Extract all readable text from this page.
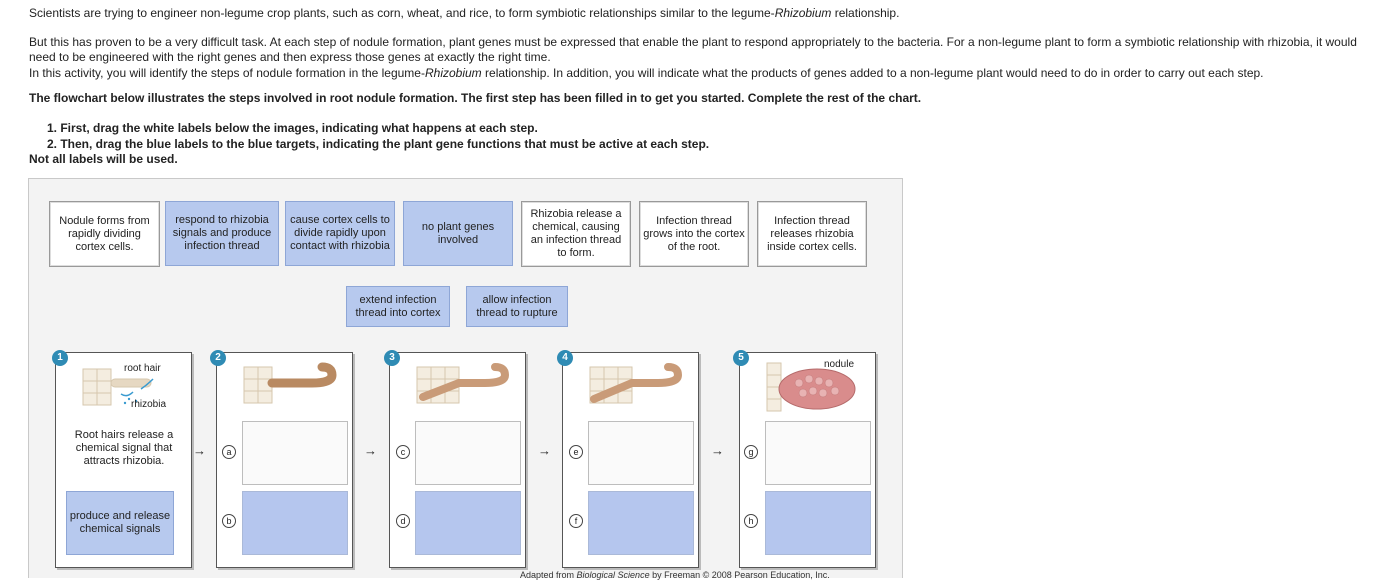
Scientists are trying to engineer non-legume crop plants, such as corn, wheat, and rice, to form symbiotic relationships similar to the legume-Rhizobium relationship.

But this has proven to be a very difficult task. At each step of nodule formation, plant genes must be expressed that enable the plant to respond appropriately to the bacteria. For a non-legume plant to form a symbiotic relationship with rhizobia, it would need to be engineered with the right genes and then express those genes at exactly the right time.

In this activity, you will identify the steps of nodule formation in the legume-Rhizobium relationship. In addition, you will indicate what the products of genes added to a non-legume plant would need to do in order to carry out each step.

The flowchart below illustrates the steps involved in root nodule formation. The first step has been filled in to get you started. Complete the rest of the chart.

1. First, drag the white labels below the images, indicating what happens at each step.
2. Then, drag the blue labels to the blue targets, indicating the plant gene functions that must be active at each step.
Not all labels will be used.
Nodule forms from rapidly dividing cortex cells.
respond to rhizobia signals and produce infection thread
cause cortex cells to divide rapidly upon contact with rhizobia
no plant genes involved
Rhizobia release a chemical, causing an infection thread to form.
Infection thread grows into the cortex of the root.
Infection thread releases rhizobia inside cortex cells.
extend infection thread into cortex
allow infection thread to rupture
root hair
rhizobia
Root hairs release a chemical signal that attracts rhizobia.
produce and release chemical signals
1	2
a
b
3
c
d
4
e
f
nodule
5
g
h
→	→	→	→
Adapted from Biological Science by Freeman © 2008 Pearson Education, Inc.
